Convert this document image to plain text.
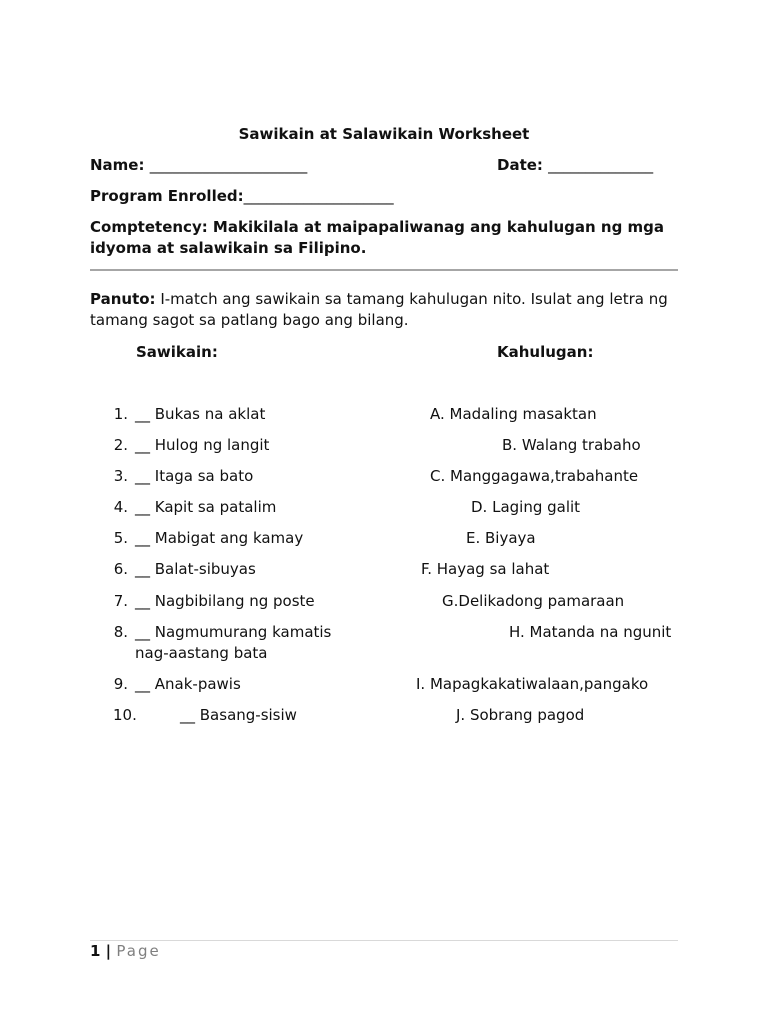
Sawikain at Salawikain Worksheet
Name: _____________________	Date: ______________
Program Enrolled:____________________
Comptetency: Makikilala at maipapaliwanag ang kahulugan ng mga
idyoma at salawikain sa Filipino.
Panuto: I-match ang sawikain sa tamang kahulugan nito. Isulat ang letra ng
tamang sagot sa patlang bago ang bilang.
Sawikain:	Kahulugan:
1. __ Bukas na aklat	A. Madaling masaktan
2. __ Hulog ng langit	B. Walang trabaho
3. __ Itaga sa bato	C. Manggagawa,trabahante
4. __ Kapit sa patalim	D. Laging galit
5. __ Mabigat ang kamay	E. Biyaya
6. __ Balat-sibuyas	F. Hayag sa lahat
7. __ Nagbibilang ng poste	G.Delikadong pamaraan
8. __ Nagmumurang kamatis	H. Matanda na ngunit
nag-aastang bata
9. __ Anak-pawis	I. Mapagkakatiwalaan,pangako
10.	__ Basang-sisiw	J. Sobrang pagod
1 | Page
